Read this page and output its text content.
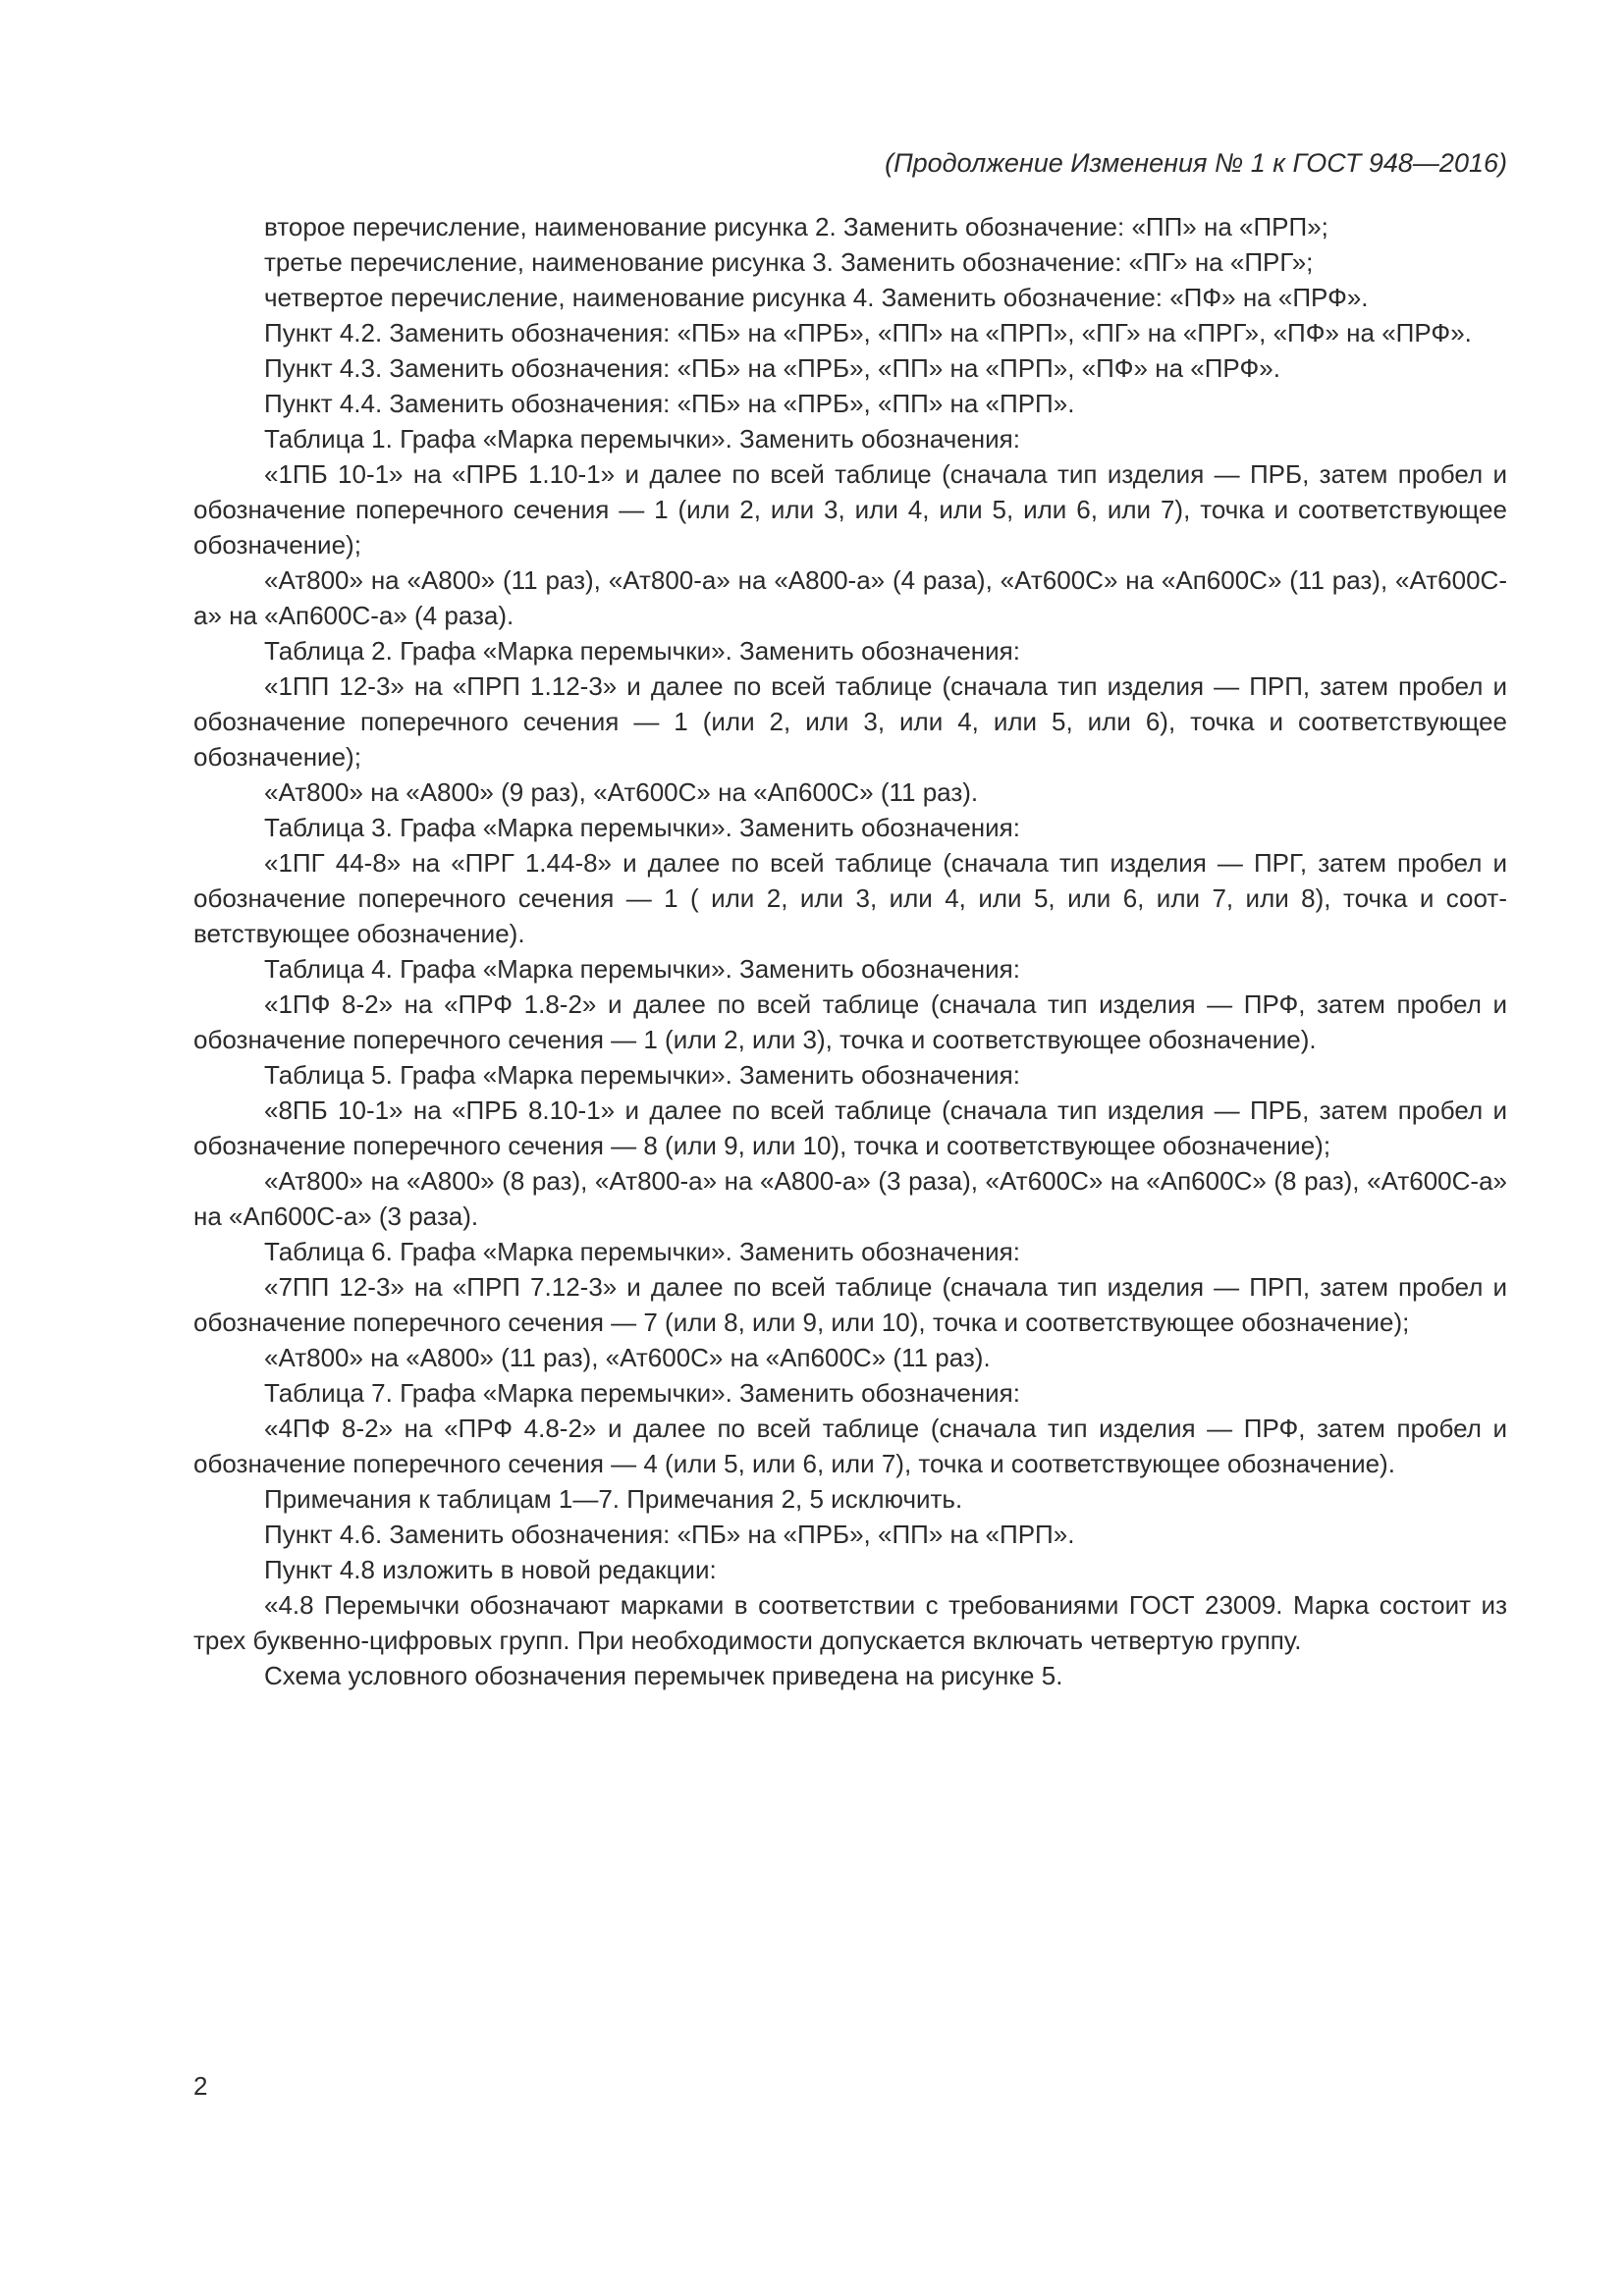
(Продолжение Изменения № 1 к ГОСТ 948—2016)

второе перечисление, наименование рисунка 2. Заменить обозначение: «ПП» на «ПРП»;

третье перечисление, наименование рисунка 3. Заменить обозначение: «ПГ» на «ПРГ»;

четвертое перечисление, наименование рисунка 4. Заменить обозначение: «ПФ» на «ПРФ».

Пункт 4.2. Заменить обозначения: «ПБ» на «ПРБ», «ПП» на «ПРП», «ПГ» на «ПРГ», «ПФ» на «ПРФ».

Пункт 4.3. Заменить обозначения: «ПБ» на «ПРБ», «ПП» на «ПРП», «ПФ» на «ПРФ».

Пункт 4.4. Заменить обозначения: «ПБ» на «ПРБ», «ПП» на «ПРП».

Таблица 1. Графа «Марка перемычки». Заменить обозначения:

«1ПБ 10-1» на «ПРБ 1.10-1» и далее по всей таблице (сначала тип изделия — ПРБ, затем пробел и обозначение поперечного сечения — 1 (или 2, или 3, или 4, или 5, или 6, или 7), точка и соответствующее обозначение);

«Ат800» на «А800» (11 раз), «Ат800-а» на «А800-а» (4 раза), «Ат600С» на «Ап600С» (11 раз), «Ат600С-а» на «Ап600С-а» (4 раза).

Таблица 2. Графа «Марка перемычки». Заменить обозначения:

«1ПП 12-3» на «ПРП 1.12-3» и далее по всей таблице (сначала тип изделия — ПРП, затем пробел и обозначение поперечного сечения — 1 (или 2, или 3, или 4, или 5, или 6), точка и соответствующее обозначение);

«Ат800» на «А800» (9 раз), «Ат600С» на «Ап600С» (11 раз).

Таблица 3. Графа «Марка перемычки». Заменить обозначения:

«1ПГ 44-8» на «ПРГ 1.44-8» и далее по всей таблице (сначала тип изделия — ПРГ, затем пробел и обозначение поперечного сечения — 1 ( или 2, или 3, или 4, или 5, или 6, или 7, или 8), точка и соответствующее обозначение).

Таблица 4. Графа «Марка перемычки». Заменить обозначения:

«1ПФ 8-2» на «ПРФ 1.8-2» и далее по всей таблице (сначала тип изделия — ПРФ, затем пробел и обозначение поперечного сечения — 1 (или 2, или 3), точка и соответствующее обозначение).

Таблица 5. Графа «Марка перемычки». Заменить обозначения:

«8ПБ 10-1» на «ПРБ 8.10-1» и далее по всей таблице (сначала тип изделия — ПРБ, затем пробел и обозначение поперечного сечения — 8 (или 9, или 10), точка и соответствующее обозначение);

«Ат800» на «А800» (8 раз), «Ат800-а» на «А800-а» (3 раза), «Ат600С» на «Ап600С» (8 раз), «Ат600С-а» на «Ап600С-а» (3 раза).

Таблица 6. Графа «Марка перемычки». Заменить обозначения:

«7ПП 12-3» на «ПРП 7.12-3» и далее по всей таблице (сначала тип изделия — ПРП, затем пробел и обозначение поперечного сечения — 7 (или 8, или 9, или 10), точка и соответствующее обозначение);

«Ат800» на «А800» (11 раз), «Ат600С» на «Ап600С» (11 раз).

Таблица 7. Графа «Марка перемычки». Заменить обозначения:

«4ПФ 8-2» на «ПРФ 4.8-2» и далее по всей таблице (сначала тип изделия — ПРФ, затем пробел и обозначение поперечного сечения — 4 (или 5, или 6, или 7), точка и соответствующее обозначение).

Примечания к таблицам 1—7. Примечания 2, 5 исключить.

Пункт 4.6. Заменить обозначения: «ПБ» на «ПРБ», «ПП» на «ПРП».

Пункт 4.8 изложить в новой редакции:

«4.8 Перемычки обозначают марками в соответствии с требованиями ГОСТ 23009. Марка состоит из трех буквенно-цифровых групп. При необходимости допускается включать четвертую группу.

Схема условного обозначения перемычек приведена на рисунке 5.

2
